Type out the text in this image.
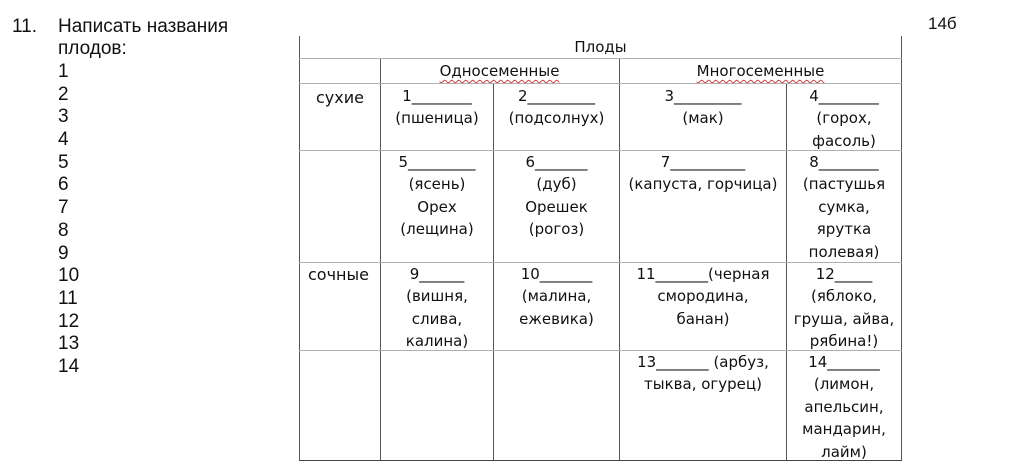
11. Написать названия
плодов:
1
2
3
4
5
6
7
8
9
10
11
12
13
14
14б
Плоды
Односеменные	Многосеменные
сухие
сочные
1________
(пшеница)
2_________
(подсолнух)
3_________
(мак)
4________
(горох,
фасоль)
5_________
(ясень)
Орех
(лещина)
6_______
(дуб)
Орешек
(рогоз)
7__________
(капуста, горчица)
8________
(пастушья
сумка,
ярутка
полевая)
9______
(вишня,
слива,
калина)
10_______
(малина,
ежевика)
11_______(черная
смородина,
банан)
12_____
(яблоко,
груша, айва,
рябина!)
13_______ (арбуз,
тыква, огурец)
14_______
(лимон,
апельсин,
мандарин,
лайм)
